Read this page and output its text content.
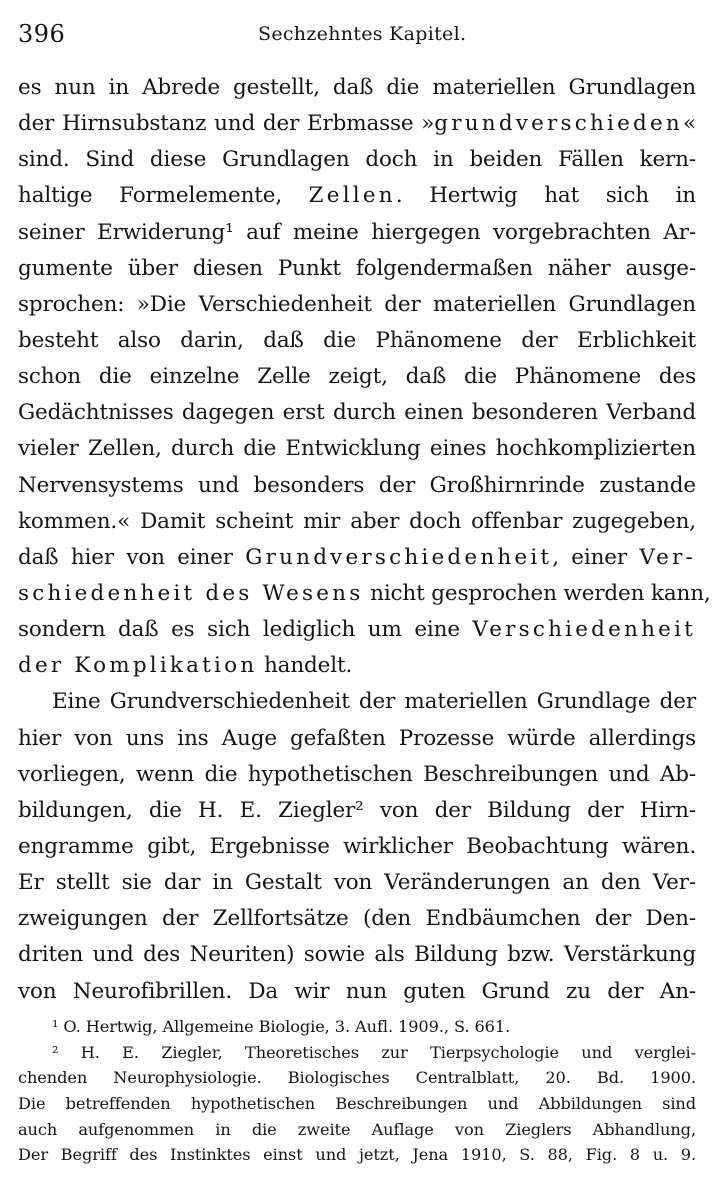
396	Sechzehntes Kapitel.
es nun in Abrede gestellt, daß die materiellen Grundlagen
der Hirnsubstanz und der Erbmasse »grundverschieden«
sind. Sind diese Grundlagen doch in beiden Fällen kern-
haltige Formelemente, Zellen. Hertwig hat sich in
seiner Erwiderung¹ auf meine hiergegen vorgebrachten Ar-
gumente über diesen Punkt folgendermaßen näher ausge-
sprochen: »Die Verschiedenheit der materiellen Grundlagen
besteht also darin, daß die Phänomene der Erblichkeit
schon die einzelne Zelle zeigt, daß die Phänomene des
Gedächtnisses dagegen erst durch einen besonderen Verband
vieler Zellen, durch die Entwicklung eines hochkomplizierten
Nervensystems und besonders der Großhirnrinde zustande
kommen.« Damit scheint mir aber doch offenbar zugegeben,
daß hier von einer Grundverschiedenheit, einer Ver-
schiedenheit des Wesens nicht gesprochen werden kann,
sondern daß es sich lediglich um eine Verschiedenheit
der Komplikation handelt.
Eine Grundverschiedenheit der materiellen Grundlage der
hier von uns ins Auge gefaßten Prozesse würde allerdings
vorliegen, wenn die hypothetischen Beschreibungen und Ab-
bildungen, die H. E. Ziegler² von der Bildung der Hirn-
engramme gibt, Ergebnisse wirklicher Beobachtung wären.
Er stellt sie dar in Gestalt von Veränderungen an den Ver-
zweigungen der Zellfortsätze (den Endbäumchen der Den-
driten und des Neuriten) sowie als Bildung bzw. Verstärkung
von Neurofibrillen. Da wir nun guten Grund zu der An-
¹ O. Hertwig, Allgemeine Biologie, 3. Aufl. 1909., S. 661.
² H. E. Ziegler, Theoretisches zur Tierpsychologie und verglei-
chenden Neurophysiologie. Biologisches Centralblatt, 20. Bd. 1900.
Die betreffenden hypothetischen Beschreibungen und Abbildungen sind
auch aufgenommen in die zweite Auflage von Zieglers Abhandlung,
Der Begriff des Instinktes einst und jetzt, Jena 1910, S. 88, Fig. 8 u. 9.
